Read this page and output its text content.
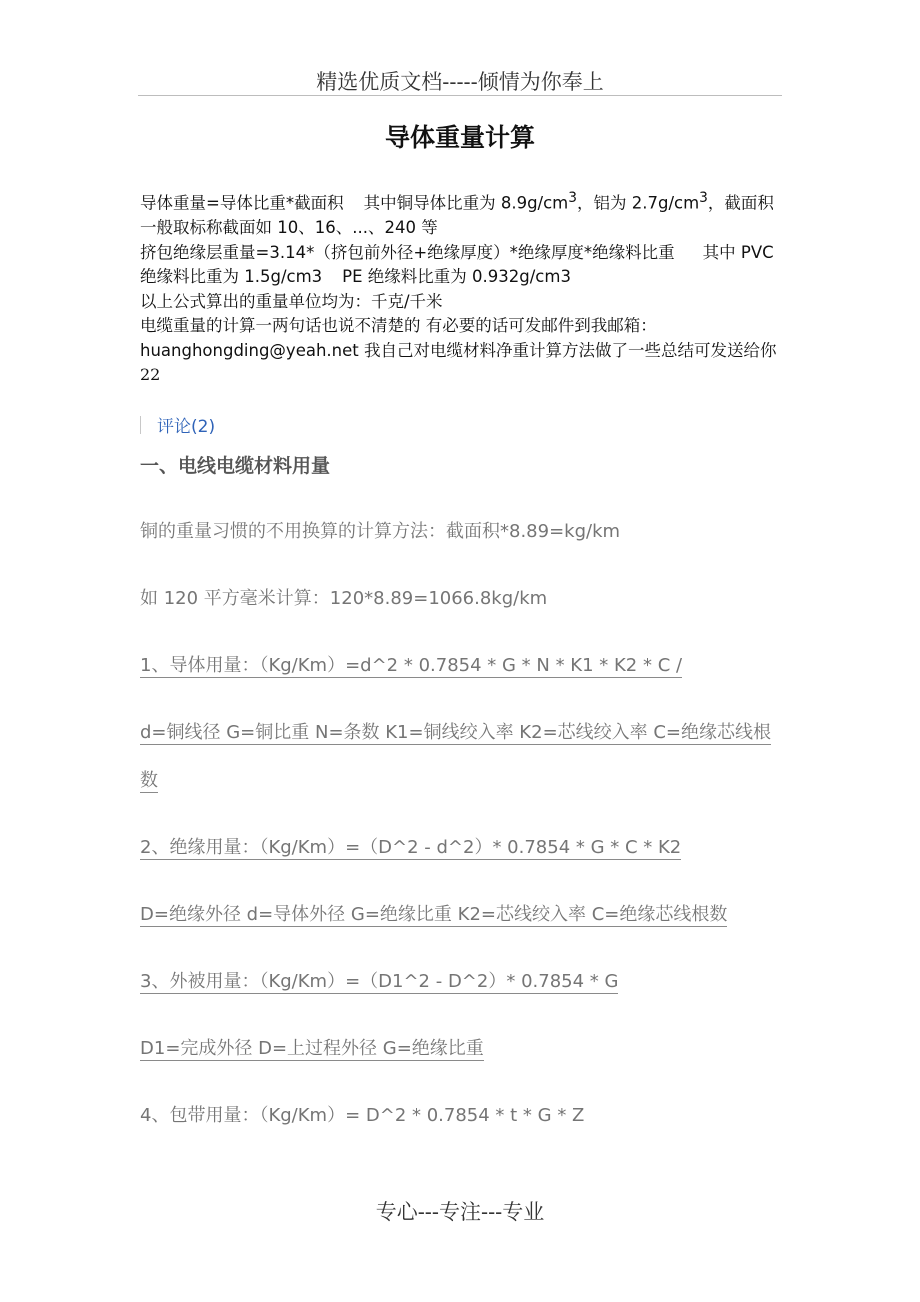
精选优质文档-----倾情为你奉上
导体重量计算

导体重量=导体比重*截面积 其中铜导体比重为 $8.9g/cm^3$，铝为 $2.7g/cm^3$，截面积一般取标称截面如 10、16、...、240 等

挤包绝缘层重量=3.14*（挤包前外径+绝缘厚度）*绝缘厚度*绝缘料比重 其中 PVC 绝缘料比重为 1.5g/cm3 PE 绝缘料比重为 0.932g/cm3

以上公式算出的重量单位均为：千克/千米

电缆重量的计算一两句话也说不清楚的 有必要的话可发邮件到我邮箱：huanghongding@yeah.net 我自己对电缆材料净重计算方法做了一些总结可发送给你

22

评论(2)
一、电线电缆材料用量
铜的重量习惯的不用换算的计算方法：截面积*8.89=kg/km
如 120 平方毫米计算：120*8.89=1066.8kg/km
1、导体用量：（Kg/Km）=d^2 * 0.7854 * G * N * K1 * K2 * C /
d=铜线径 G=铜比重 N=条数 K1=铜线绞入率 K2=芯线绞入率 C=绝缘芯线根
数
2、绝缘用量：（Kg/Km）=（D^2 - d^2）* 0.7854 * G * C * K2
D=绝缘外径 d=导体外径 G=绝缘比重 K2=芯线绞入率 C=绝缘芯线根数
3、外被用量：（Kg/Km）=（D1^2 - D^2）* 0.7854 * G
D1=完成外径 D=上过程外径 G=绝缘比重
4、包带用量：（Kg/Km）= D^2 * 0.7854 * t * G * Z
专心---专注---专业
